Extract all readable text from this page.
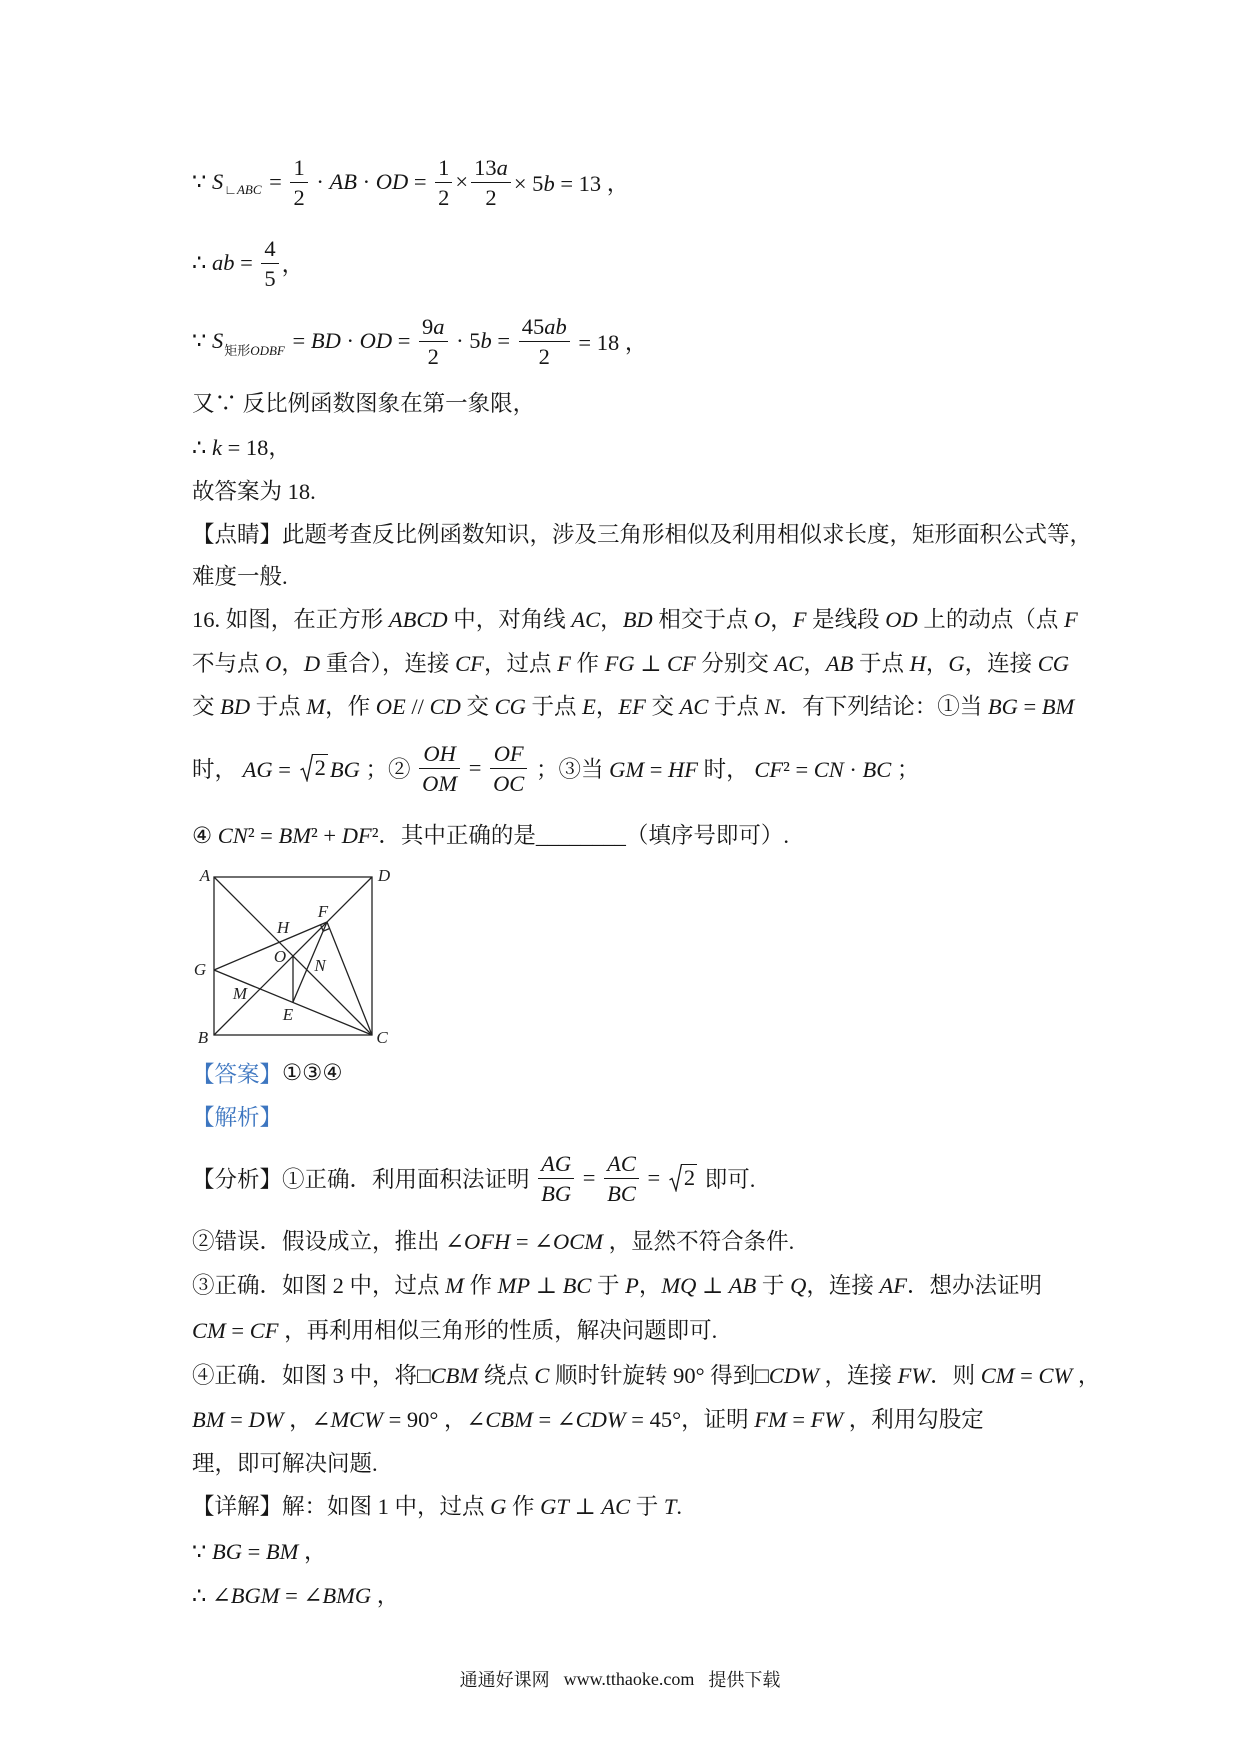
∵ S ∟ABC = $\frac{1}{2}$ · AB · OD = $\frac{1}{2} \times \frac{13a}{2} \times 5b = 13$ ，
∴ ab = $\frac{4}{5}$ ，
∵ S 矩形ODBF = BD · OD = $\frac{9a}{2} \cdot 5b = \frac{45ab}{2} = 18$ ，
又∵ 反比例函数图象在第一象限，
∴ k = 18，
故答案为 18.
【点睛】此题考查反比例函数知识，涉及三角形相似及利用相似求长度，矩形面积公式等，
难度一般.
16. 如图，在正方形 ABCD 中，对角线 AC，BD 相交于点 O，F 是线段 OD 上的动点（点 F
不与点 O，D 重合），连接 CF，过点 F 作 FG ⊥ CF 分别交 AC，AB 于点 H，G，连接 CG
交 BD 于点 M，作 OE // CD 交 CG 于点 E，EF 交 AC 于点 N．有下列结论：①当 BG = BM
时， AG = 2 BG ；② $\frac{OH}{OM} = \frac{OF}{OC}$ ；③当 GM = HF 时， CF² = CN · BC ；
④ CN² = BM² + DF²．其中正确的是________（填序号即可）.
A	D
B	C
G
H
F
O N
M
E
【答案】 ①③④
【解析】
【分析】①正确．利用面积法证明 $\frac{AG}{BG} = \frac{AC}{BC} = 2$ 即可.
②错误．假设成立，推出 ∠OFH = ∠OCM ，显然不符合条件.
③正确．如图 2 中，过点 M 作 MP ⊥ BC 于 P，MQ ⊥ AB 于 Q，连接 AF．想办法证明
CM = CF ，再利用相似三角形的性质，解决问题即可.
④正确．如图 3 中，将□CBM 绕点 C 顺时针旋转 90° 得到□CDW ，连接 FW．则 CM = CW ，
BM = DW ，∠MCW = 90° ，∠CBM = ∠CDW = 45°，证明 FM = FW ，利用勾股定
理，即可解决问题.
【详解】解：如图 1 中，过点 G 作 GT ⊥ AC 于 T.
∵ BG = BM ，
∴ ∠BGM = ∠BMG ，
通通好课网 www.tthaoke.com 提供下载
